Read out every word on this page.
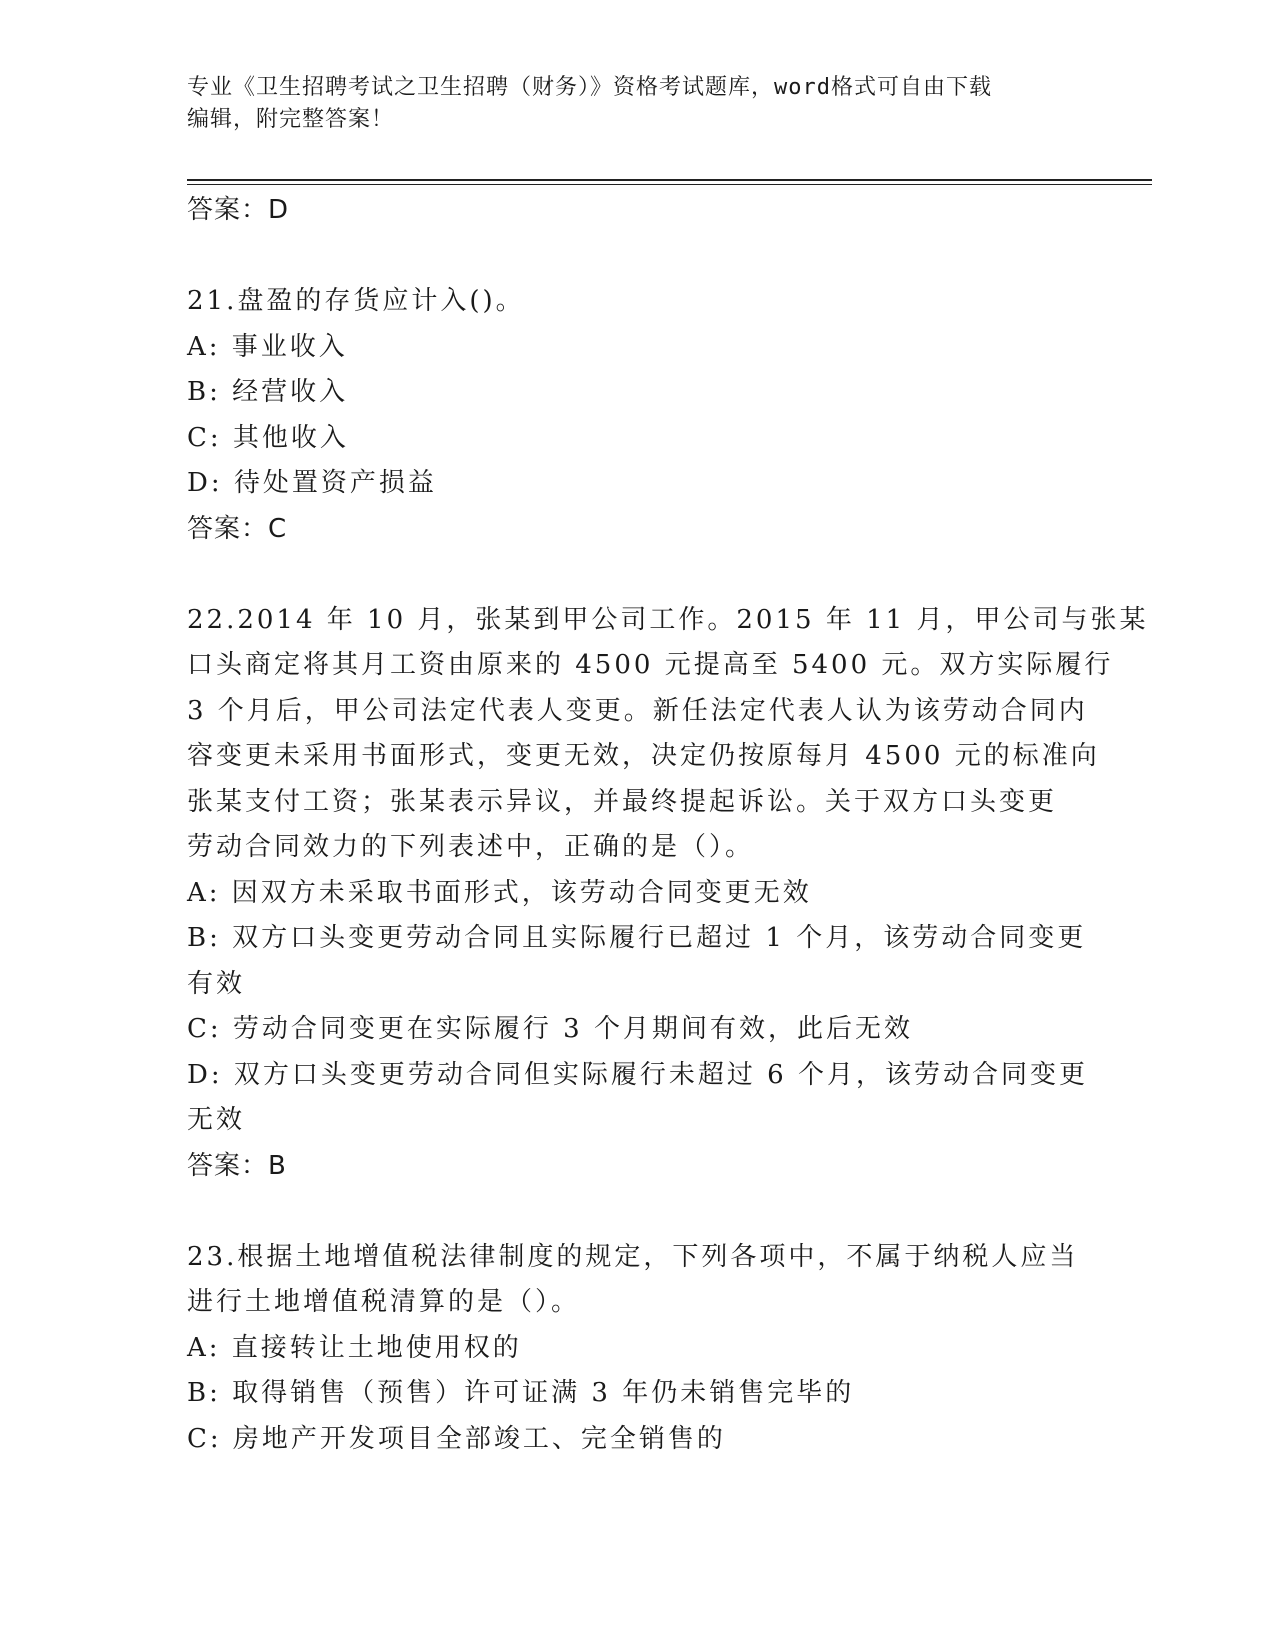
专业《卫生招聘考试之卫生招聘（财务）》资格考试题库，word格式可自由下载
编辑，附完整答案！
答案：D
21.盘盈的存货应计入()。
A: 事业收入
B: 经营收入
C: 其他收入
D: 待处置资产损益
答案：C
22.2014 年 10 月，张某到甲公司工作。2015 年 11 月，甲公司与张某
口头商定将其月工资由原来的 4500 元提高至 5400 元。双方实际履行
3 个月后，甲公司法定代表人变更。新任法定代表人认为该劳动合同内
容变更未采用书面形式，变更无效，决定仍按原每月 4500 元的标准向
张某支付工资；张某表示异议，并最终提起诉讼。关于双方口头变更
劳动合同效力的下列表述中，正确的是（）。
A: 因双方未采取书面形式，该劳动合同变更无效
B: 双方口头变更劳动合同且实际履行已超过 1 个月，该劳动合同变更
有效
C: 劳动合同变更在实际履行 3 个月期间有效，此后无效
D: 双方口头变更劳动合同但实际履行未超过 6 个月，该劳动合同变更
无效
答案：B
23.根据土地增值税法律制度的规定，下列各项中，不属于纳税人应当
进行土地增值税清算的是（）。
A: 直接转让土地使用权的
B: 取得销售（预售）许可证满 3 年仍未销售完毕的
C: 房地产开发项目全部竣工、完全销售的
